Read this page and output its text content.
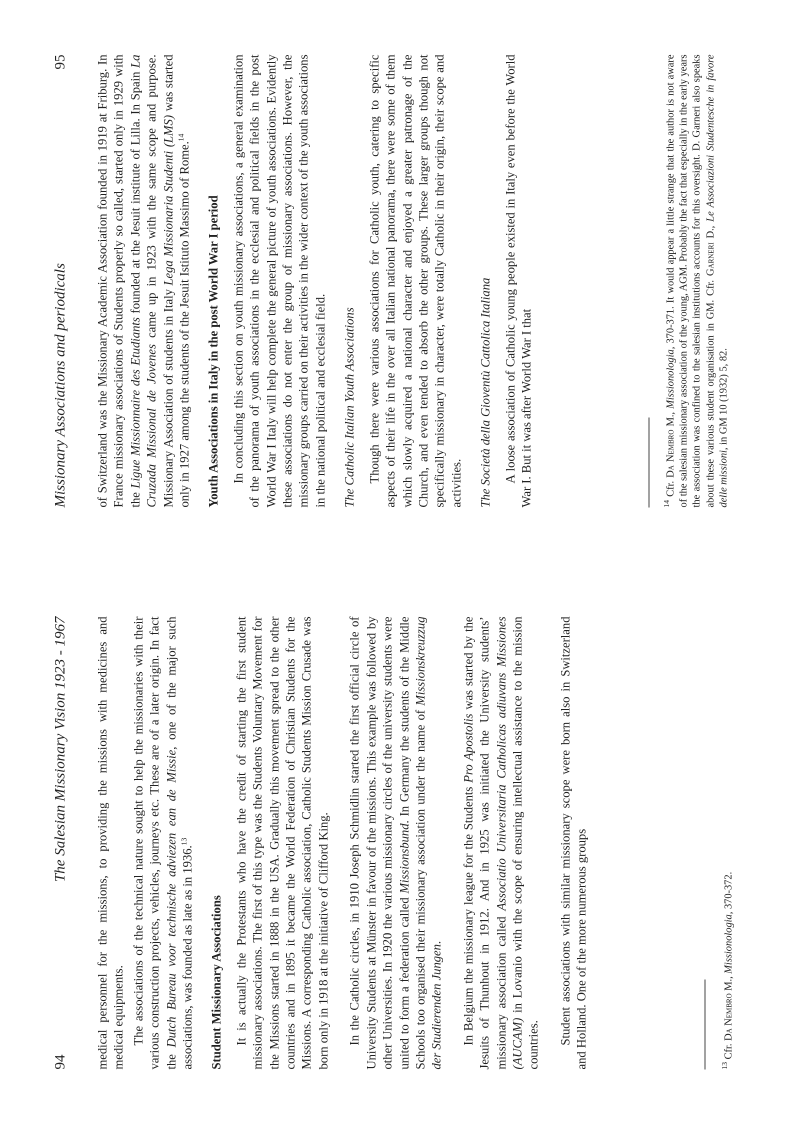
94
The Salesian Missionary Vision 1923 - 1967 medical personnel for the missions, to providing the missions with medicines and medical equipments. The associations of the technical nature sought to help the missionaries with their various construction projects, vehicles, journeys etc. These are of a later origin. In fact the Dutch Bureau voor technische adviezen ean de Missie, one of the major such associations, was founded as late as in 1936.13

Student Missionary Associations It is actually the Protestants who have the credit of starting the first student missionary associations. The first of this type was the Students Voluntary Movement for the Missions started in 1888 in the USA. Gradually this movement spread to the other countries and in 1895 it became the World Federation of Christian Students for the Missions. A corresponding Catholic association, Catholic Students Mission Crusade was born only in 1918 at the initiative of Clifford King. In the Catholic circles, in 1910 Joseph Schmidlin started the first official circle of University Students at Münster in favour of the missions. This example was followed by other Universities. In 1920 the various missionary circles of the university students were united to form a federation called Missionsbund. In Germany the students of the Middle Schools too organised their missionary association under the name of Missionskreuzzug der Studierenden Jungen. In Belgium the missionary league for the Students Pro Apostolis was started by the Jesuits of Thunhout in 1912. And in 1925 was initiated the University students’ missionary association called Associatio Universitaria Catholicas adiuvans Missiones (AUCAM) in Lovanio with the scope of ensuring intellectual assistance to the mission countries. Student associations with similar missionary scope were born also in Switzerland and Holland. One of the more numerous groups	$^{13}$ Cfr. Da Nembro M., Missionologia, 370-372.
Missionary Associations and periodicals
95 of Switzerland was the Missionary Academic Association founded in 1919 at Friburg. In France missionary associations of Students properly so called, started only in 1929 with the Ligue Missionnaire des Etudiants founded at the Jesuit institute of Lilla. In Spain La Cruzada Missional de Jovenes came up in 1923 with the same scope and purpose. Missionary Association of students in Italy Lega Missionaria Studenti (LMS) was started only in 1927 among the students of the Jesuit Istituto Massimo of Rome.$^{14}$

Youth Associations in Italy in the post World War I period In concluding this section on youth missionary associations, a general examination of the panorama of youth associations in the ecclesial and political fields in the post World War I Italy will help complete the general picture of youth associations. Evidently these associations do not enter the group of missionary associations. However, the missionary groups carried on their activities in the wider context of the youth associations in the national political and ecclesial field. The Catholic Italian Youth Associations Though there were various associations for Catholic youth, catering to specific aspects of their life in the over all Italian national panorama, there were some of them which slowly acquired a national character and enjoyed a greater patronage of the Church, and even tended to absorb the other groups. These larger groups though not specifically missionary in character, were totally Catholic in their origin, their scope and activities. The Società della Gioventù Cattolica Italiana A loose association of Catholic young people existed in Italy even before the World War I. But it was after World War I that	$^{14}$ Cfr. Da Nembro M., Missionologia, 370-371. It would appear a little strange that the author is not aware of the salesian missionary association of the young, AGM. Probably the fact that especially in the early years the association was confined to the salesian institutions accounts for this oversight. D. Garneri also speaks about these various student organisation in GM. Cfr. Garneri D., Le Associazioni Studentesche in favore delle missioni, in GM 10 (1932) 5, 82.
